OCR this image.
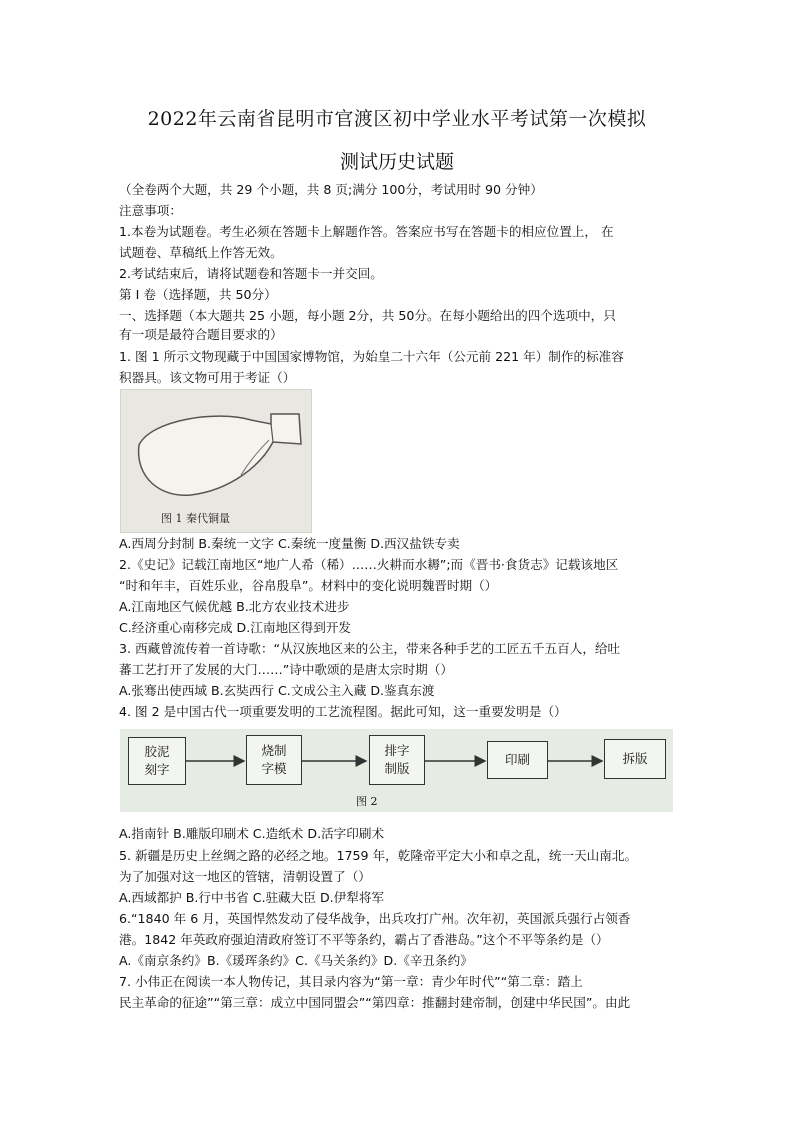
2022年云南省昆明市官渡区初中学业水平考试第一次模拟
测试历史试题
（全卷两个大题，共 29 个小题，共 8 页;满分 100分，考试用时 90 分钟）
注意事项：
1.本卷为试题卷。考生必须在答题卡上解题作答。答案应书写在答题卡的相应位置上， 在
试题卷、草稿纸上作答无效。
2.考试结束后，请将试题卷和答题卡一并交回。
第 I 卷（选择题，共 50分）
一、选择题（本大题共 25 小题，每小题 2分，共 50分。在每小题给出的四个选项中，只
有一项是最符合题目要求的）
1. 图 1 所示文物现藏于中国国家博物馆，为始皇二十六年（公元前 221 年）制作的标准容
积器具。该文物可用于考证（）
图 1 秦代铜量
A.西周分封制 B.秦统一文字 C.秦统一度量衡 D.西汉盐铁专卖
2.《史记》记载江南地区“地广人希（稀）……火耕而水耨”;而《晋书·食货志》记载该地区
“时和年丰，百姓乐业，谷帛殷阜”。材料中的变化说明魏晋时期（）
A.江南地区气候优越 B.北方农业技术进步
C.经济重心南移完成 D.江南地区得到开发
3. 西藏曾流传着一首诗歌：“从汉族地区来的公主，带来各种手艺的工匠五千五百人，给吐
蕃工艺打开了发展的大门……”诗中歌颂的是唐太宗时期（）
A.张骞出使西域 B.玄奘西行 C.文成公主入藏 D.鉴真东渡
4. 图 2 是中国古代一项重要发明的工艺流程图。据此可知，这一重要发明是（）
胶泥
刻字
烧制
字模
排字
制版
印刷	拆版
图 2
A.指南针 B.雕版印刷术 C.造纸术 D.活字印刷术
5. 新疆是历史上丝绸之路的必经之地。1759 年，乾隆帝平定大小和卓之乱，统一天山南北。
为了加强对这一地区的管辖，清朝设置了（）
A.西域都护 B.行中书省 C.驻藏大臣 D.伊犁将军
6.“1840 年 6 月，英国悍然发动了侵华战争，出兵攻打广州。次年初，英国派兵强行占领香
港。1842 年英政府强迫清政府签订不平等条约，霸占了香港岛。”这个不平等条约是（）
A.《南京条约》B.《瑗珲条约》C.《马关条约》D.《辛丑条约》
7. 小伟正在阅读一本人物传记，其目录内容为“第一章：青少年时代”“第二章：踏上
民主革命的征途”“第三章：成立中国同盟会”“第四章：推翻封建帝制，创建中华民国”。由此
